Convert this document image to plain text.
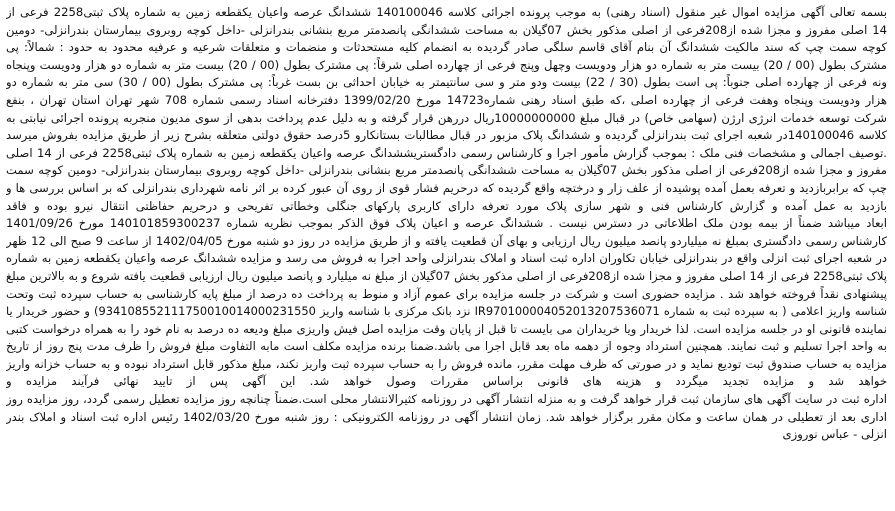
بسمه تعالی آگهی مزایده اموال غیر منقول (اسناد رهنی) به موجب پرونده اجرائی کلاسه 140100046 ششدانگ عرصه واعیان یکقطعه زمین به شماره پلاک ثبتی2258 فرعی از
14 اصلی مفروز و مجزا شده از208فرعی از اصلی مذکور بخش 07گیلان به مساحت ششدانگی پانصدمتر مربع بنشانی بندرانزلی -داخل کوچه روبروی بیمارستان بندرانزلی- دومین
کوچه سمت چپ که سند مالکیت ششدانگ آن بنام آقای قاسم سلگی صادر گردیده به انضمام کلیه مستحدثات و منضمات و متعلقات شرعیه و عرفیه محدود به حدود : شمالاً: پی
مشترک بطول (00 / 20) بیست متر به شماره دو هزار ودویست وچهل وپنج فرعی از چهارده اصلی شرقاً: پی مشترک بطول (00 / 20) بیست متر به شماره دو هزار ودویست وپنجاه
ونه فرعی از چهارده اصلی جنوباً: پی است بطول (30 / 22) بیست ودو متر و سی سانتیمتر به خیابان احداثی بن بست غرباً: پی مشترک بطول (00 / 30) سی متر به شماره دو
هزار ودویست وپنجاه وهفت فرعی از چهارده اصلی ،که طبق اسناد رهنی شماره14723 مورخ 1399/02/20 دفترخانه اسناد رسمی شماره 708 شهر تهران استان تهران ، بنفع
شرکت توسعه خدمات انرژی ارژن (سهامی خاص) در قبال مبلغ 10000000000ریال دررهن قرار گرفته و به دلیل عدم پرداخت بدهی از سوی مدیون منجربه پرونده اجرائی نیابتی به
کلاسه 140100046در شعبه اجرای ثبت بندرانزلی گردیده و ششدانگ پلاک مزبور در قبال مطالبات بستانکارو 5درصد حقوق دولتی متعلقه بشرح زیر از طریق مزایده بفروش میرسد
.توصیف اجمالی و مشخصات فنی ملک : بموجب گزارش مأمور اجرا و کارشناس رسمی دادگستریششدانگ عرصه واعیان یکقطعه زمین به شماره پلاک ثبتی2258 فرعی از 14 اصلی
مفروز و مجزا شده از208فرعی از اصلی مذکور بخش 07گیلان به مساحت ششدانگی پانصدمتر مربع بنشانی بندرانزلی -داخل کوچه روبروی بیمارستان بندرانزلی- دومین کوچه سمت
چپ که برابربازدید و تعرفه بعمل آمده پوشیده از علف زار و درختچه واقع گردیده که درحریم فشار قوی از روی آن عبور کرده بر اثر نامه شهرداری بندرانزلی که بر اساس بررسی ها و
بازدید به عمل آمده و گزارش کارشناس فنی و شهر سازی پلاک مورد تعرفه دارای کاربری پارکهای جنگلی وخطاتی تفریحی و درحریم حفاظتی انتقال نیرو بوده و فاقد
ابعاد میباشد ضمناً از بیمه بودن ملک اطلاعاتی در دسترس نیست . ششدانگ عرصه و اعیان پلاک فوق الذکر بموجب نظریه شماره 140101859300237 مورخ 1401/09/26
کارشناس رسمی دادگستری بمبلغ نه میلیاردو پانصد میلیون ریال ارزیابی و بهای آن قطعیت یافته و از طریق مزایده در روز دو شنبه مورخ 1402/04/05 از ساعت 9 صبح الی 12 ظهر
در شعبه اجرای ثبت انزلی واقع در بندرانزلی خیابان تکاوران اداره ثبت اسناد و املاک بندرانزلی واحد اجرا به فروش می رسد و مزایده ششدانگ عرصه واعیان یکقطعه زمین به شماره
پلاک ثبتی2258 فرعی از 14 اصلی مفروز و مجزا شده از208فرعی از اصلی مذکور بخش 07گیلان از مبلغ نه میلیارد و پانصد میلیون ریال ارزیابی قطعیت یافته شروع و به بالاترین مبلغ
پیشنهادی نقداً فروخته خواهد شد . مزایده حضوری است و شرکت در جلسه مزایده برای عموم آزاد و منوط به پرداخت ده درصد از مبلغ پایه کارشناسی به حساب سپرده ثبت وتحت
شناسه واریز اعلامی ( به سپرده ثبت به شماره IR970100004052013207536071 نزد بانک مرکزی با شناسه واریز 934108552111750010014000231550) و حضور خریدار یا
نماینده قانونی او در جلسه مزایده است. لذا خریدار ویا خریداران می بایست تا قبل از پایان وقت مزایده اصل فیش واریزی مبلغ ودیعه ده درصد به نام خود را به همراه درخواست کتبی
به واحد اجرا تسلیم و ثبت نمایند. همچنین استرداد وجوه از دهمه ماه بعد قابل اجرا می باشد.ضمنا برنده مزایده مکلف است مابه التفاوت مبلغ فروش را ظرف مدت پنج روز از تاریخ
مزایده به حساب صندوق ثبت تودیع نماید و در صورتی که ظرف مهلت مقرر، مانده فروش را به حساب سپرده ثبت واریز نکند، مبلغ مذکور قابل استرداد نبوده و به حساب خزانه واریز
خواهد شد و مزایده تجدید میگردد و هزینه های قانونی براساس مقررات وصول خواهد شد. این آگهی پس از تایید نهائی فرآیند مزایده و
اداره ثبت در سایت آگهی های سازمان ثبت قرار خواهد گرفت و به منزله انتشار آگهی در روزنامه کثیرالانتشار محلی است.ضمناً چنانچه روز مزایده تعطیل رسمی گردد، روز مزایده روز
اداری بعد از تعطیلی در همان ساعت و مکان مقرر برگزار خواهد شد. زمان انتشار آگهی در روزنامه الکترونیکی : روز شنبه مورخ 1402/03/20 رئیس اداره ثبت اسناد و املاک بندر
انزلی - عباس نوروزی
